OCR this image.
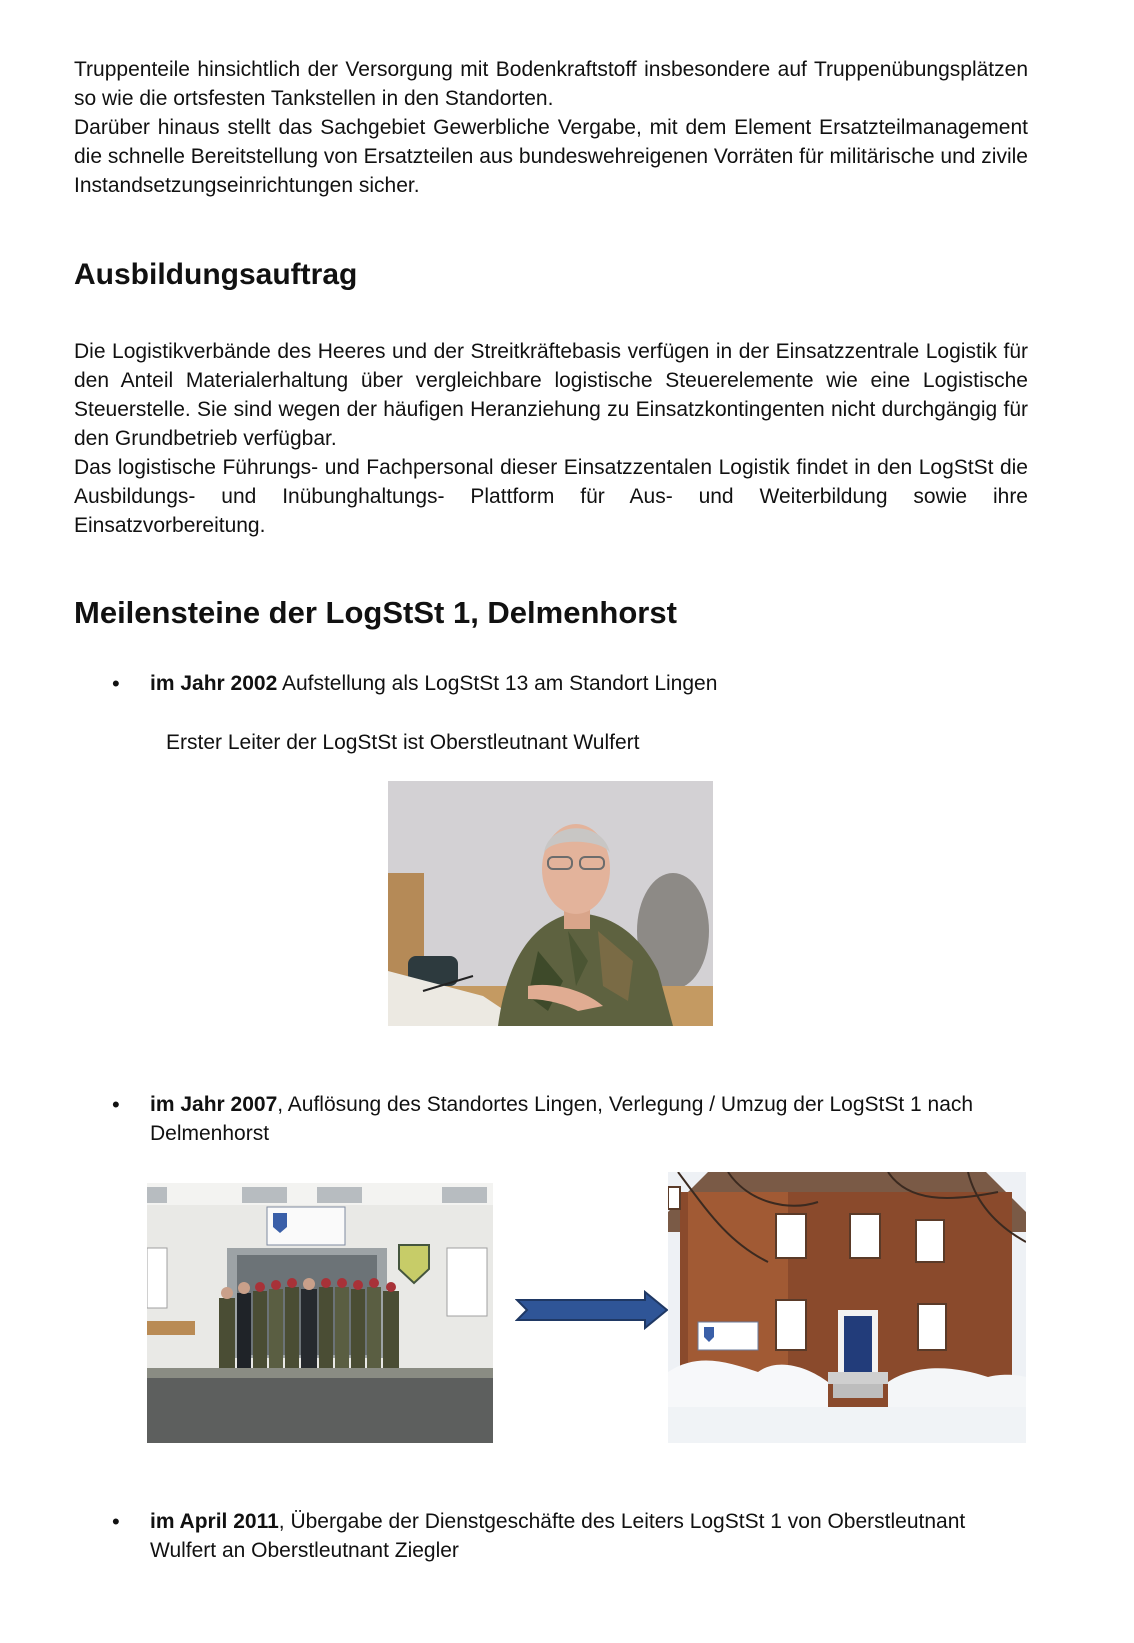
Truppenteile hinsichtlich der Versorgung mit Bodenkraftstoff insbesondere auf Truppenübungsplätzen so wie die ortsfesten Tankstellen in den Standorten.

Darüber hinaus stellt das Sachgebiet Gewerbliche Vergabe, mit dem Element Ersatzteilmanagement die schnelle Bereitstellung von Ersatzteilen aus bundeswehreigenen Vorräten für militärische und zivile Instandsetzungseinrichtungen sicher.

Ausbildungsauftrag

Die Logistikverbände des Heeres und der Streitkräftebasis verfügen in der Einsatzzentrale Logistik für den Anteil Materialerhaltung über vergleichbare logistische Steuerelemente wie eine Logistische Steuerstelle. Sie sind wegen der häufigen Heranziehung zu Einsatzkontingenten nicht durchgängig für den Grundbetrieb verfügbar.

Das logistische Führungs- und Fachpersonal dieser Einsatzzentalen Logistik findet in den LogStSt die Ausbildungs- und Inübunghaltungs- Plattform für Aus- und Weiterbildung sowie ihre Einsatzvorbereitung.

Meilensteine der LogStSt 1, Delmenhorst
• im Jahr 2002 Aufstellung als LogStSt 13 am Standort Lingen
Erster Leiter der LogStSt ist Oberstleutnant Wulfert
• im Jahr 2007, Auflösung des Standortes Lingen, Verlegung / Umzug der LogStSt 1 nach Delmenhorst
• im April 2011, Übergabe der Dienstgeschäfte des Leiters LogStSt 1 von Oberstleutnant Wulfert an Oberstleutnant Ziegler
